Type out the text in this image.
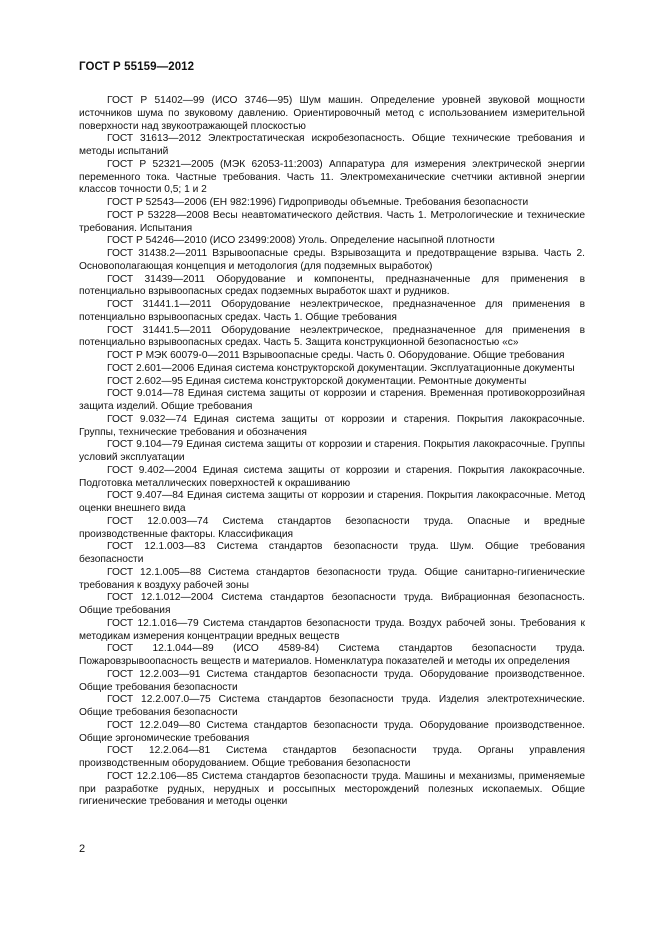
ГОСТ Р 55159—2012

ГОСТ Р 51402—99 (ИСО 3746—95) Шум машин. Определение уровней звуковой мощности источников шума по звуковому давлению. Ориентировочный метод с использованием измерительной поверхности над звукоотражающей плоскостью

ГОСТ 31613—2012 Электростатическая искробезопасность. Общие технические требования и методы испытаний

ГОСТ Р 52321—2005 (МЭК 62053-11:2003) Аппаратура для измерения электрической энергии переменного тока. Частные требования. Часть 11. Электромеханические счетчики активной энергии классов точности 0,5; 1 и 2

ГОСТ Р 52543—2006 (ЕН 982:1996) Гидроприводы объемные. Требования безопасности

ГОСТ Р 53228—2008 Весы неавтоматического действия. Часть 1. Метрологические и технические требования. Испытания

ГОСТ Р 54246—2010 (ИСО 23499:2008) Уголь. Определение насыпной плотности

ГОСТ 31438.2—2011 Взрывоопасные среды. Взрывозащита и предотвращение взрыва. Часть 2. Основополагающая концепция и методология (для подземных выработок)

ГОСТ 31439—2011 Оборудование и компоненты, предназначенные для применения в потенциально взрывоопасных средах подземных выработок шахт и рудников.

ГОСТ 31441.1—2011 Оборудование неэлектрическое, предназначенное для применения в потенциально взрывоопасных средах. Часть 1. Общие требования

ГОСТ 31441.5—2011 Оборудование неэлектрическое, предназначенное для применения в потенциально взрывоопасных средах. Часть 5. Защита конструкционной безопасностью «с»

ГОСТ Р МЭК 60079-0—2011 Взрывоопасные среды. Часть 0. Оборудование. Общие требования

ГОСТ 2.601—2006 Единая система конструкторской документации. Эксплуатационные документы

ГОСТ 2.602—95 Единая система конструкторской документации. Ремонтные документы

ГОСТ 9.014—78 Единая система защиты от коррозии и старения. Временная противокоррозийная защита изделий. Общие требования

ГОСТ 9.032—74 Единая система защиты от коррозии и старения. Покрытия лакокрасочные. Группы, технические требования и обозначения

ГОСТ 9.104—79 Единая система защиты от коррозии и старения. Покрытия лакокрасочные. Группы условий эксплуатации

ГОСТ 9.402—2004 Единая система защиты от коррозии и старения. Покрытия лакокрасочные. Подготовка металлических поверхностей к окрашиванию

ГОСТ 9.407—84 Единая система защиты от коррозии и старения. Покрытия лакокрасочные. Метод оценки внешнего вида

ГОСТ 12.0.003—74 Система стандартов безопасности труда. Опасные и вредные производственные факторы. Классификация

ГОСТ 12.1.003—83 Система стандартов безопасности труда. Шум. Общие требования безопасности

ГОСТ 12.1.005—88 Система стандартов безопасности труда. Общие санитарно-гигиенические требования к воздуху рабочей зоны

ГОСТ 12.1.012—2004 Система стандартов безопасности труда. Вибрационная безопасность. Общие требования

ГОСТ 12.1.016—79 Система стандартов безопасности труда. Воздух рабочей зоны. Требования к методикам измерения концентрации вредных веществ

ГОСТ 12.1.044—89 (ИСО 4589-84) Система стандартов безопасности труда. Пожаровзрывоопасность веществ и материалов. Номенклатура показателей и методы их определения

ГОСТ 12.2.003—91 Система стандартов безопасности труда. Оборудование производственное. Общие требования безопасности

ГОСТ 12.2.007.0—75 Система стандартов безопасности труда. Изделия электротехнические. Общие требования безопасности

ГОСТ 12.2.049—80 Система стандартов безопасности труда. Оборудование производственное. Общие эргономические требования

ГОСТ 12.2.064—81 Система стандартов безопасности труда. Органы управления производственным оборудованием. Общие требования безопасности

ГОСТ 12.2.106—85 Система стандартов безопасности труда. Машины и механизмы, применяемые при разработке рудных, нерудных и россыпных месторождений полезных ископаемых. Общие гигиенические требования и методы оценки

2
